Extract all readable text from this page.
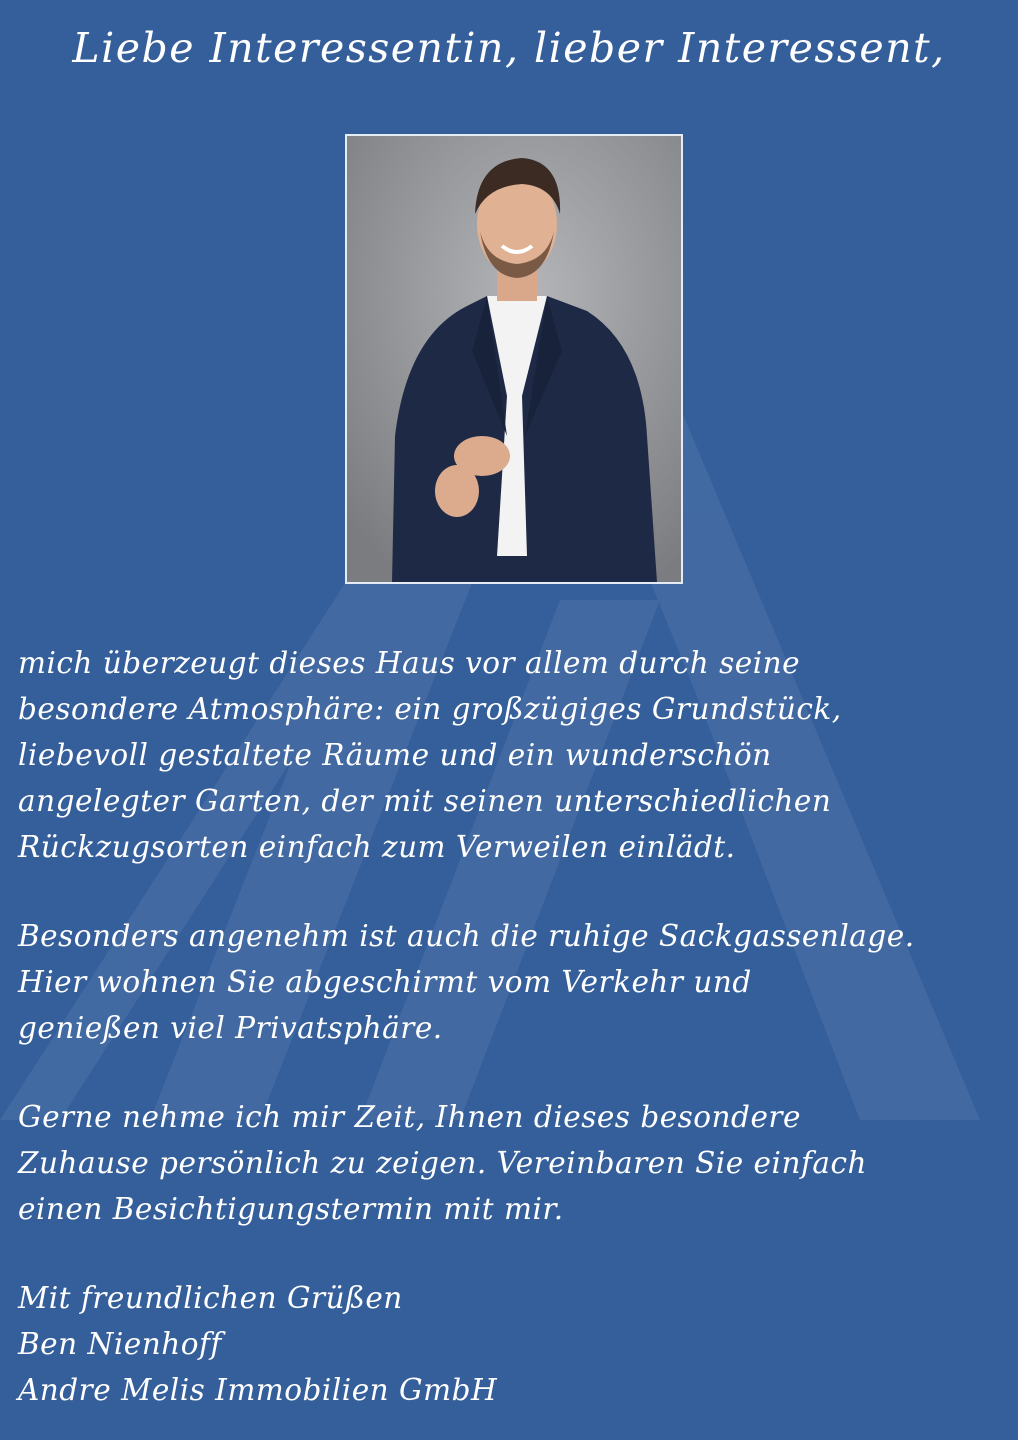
Liebe Interessentin, lieber Interessent,
mich überzeugt dieses Haus vor allem durch seine
besondere Atmosphäre: ein großzügiges Grundstück,
liebevoll gestaltete Räume und ein wunderschön
angelegter Garten, der mit seinen unterschiedlichen
Rückzugsorten einfach zum Verweilen einlädt.
Besonders angenehm ist auch die ruhige Sackgassenlage.
Hier wohnen Sie abgeschirmt vom Verkehr und
genießen viel Privatsphäre.
Gerne nehme ich mir Zeit, Ihnen dieses besondere
Zuhause persönlich zu zeigen. Vereinbaren Sie einfach
einen Besichtigungstermin mit mir.
Mit freundlichen Grüßen
Ben Nienhoff
Andre Melis Immobilien GmbH
